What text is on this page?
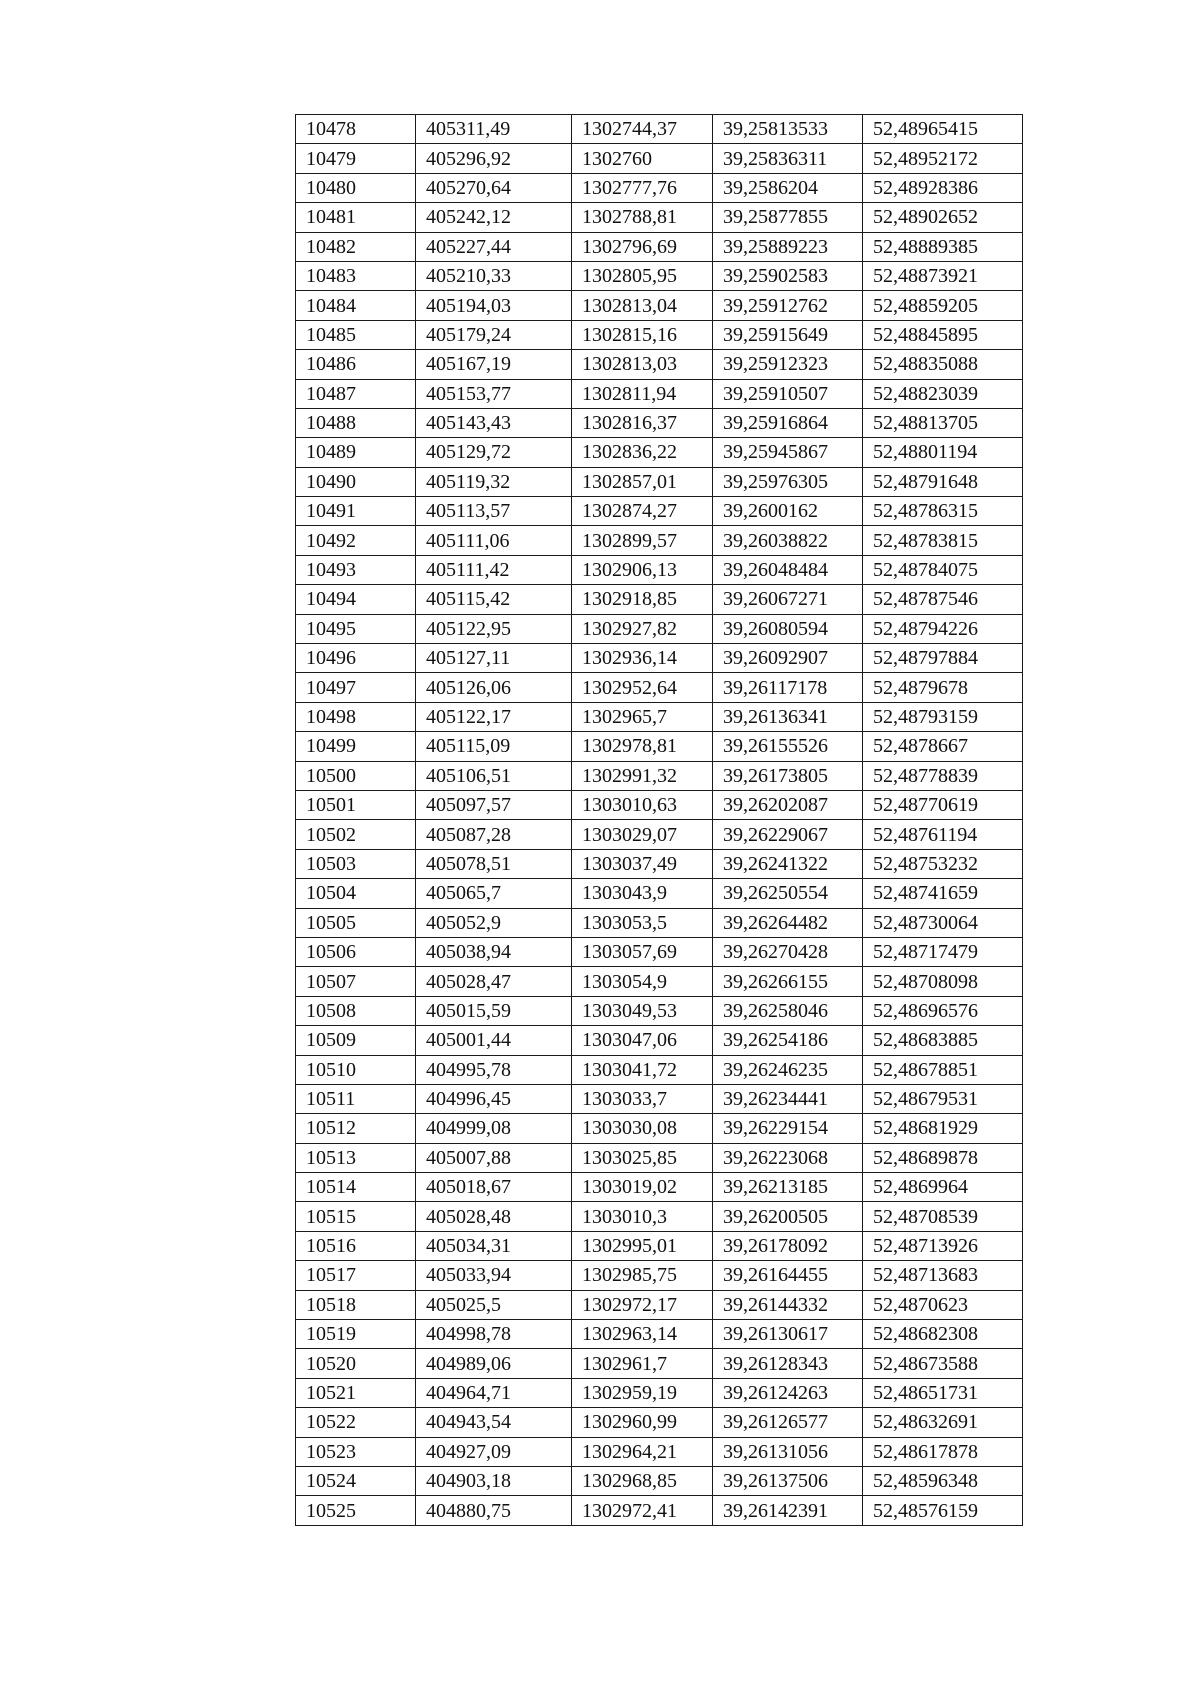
10478	405311,49	1302744,37	39,25813533	52,48965415
10479	405296,92	1302760	39,25836311	52,48952172
10480	405270,64	1302777,76	39,2586204	52,48928386
10481	405242,12	1302788,81	39,25877855	52,48902652
10482	405227,44	1302796,69	39,25889223	52,48889385
10483	405210,33	1302805,95	39,25902583	52,48873921
10484	405194,03	1302813,04	39,25912762	52,48859205
10485	405179,24	1302815,16	39,25915649	52,48845895
10486	405167,19	1302813,03	39,25912323	52,48835088
10487	405153,77	1302811,94	39,25910507	52,48823039
10488	405143,43	1302816,37	39,25916864	52,48813705
10489	405129,72	1302836,22	39,25945867	52,48801194
10490	405119,32	1302857,01	39,25976305	52,48791648
10491	405113,57	1302874,27	39,2600162	52,48786315
10492	405111,06	1302899,57	39,26038822	52,48783815
10493	405111,42	1302906,13	39,26048484	52,48784075
10494	405115,42	1302918,85	39,26067271	52,48787546
10495	405122,95	1302927,82	39,26080594	52,48794226
10496	405127,11	1302936,14	39,26092907	52,48797884
10497	405126,06	1302952,64	39,26117178	52,4879678
10498	405122,17	1302965,7	39,26136341	52,48793159
10499	405115,09	1302978,81	39,26155526	52,4878667
10500	405106,51	1302991,32	39,26173805	52,48778839
10501	405097,57	1303010,63	39,26202087	52,48770619
10502	405087,28	1303029,07	39,26229067	52,48761194
10503	405078,51	1303037,49	39,26241322	52,48753232
10504	405065,7	1303043,9	39,26250554	52,48741659
10505	405052,9	1303053,5	39,26264482	52,48730064
10506	405038,94	1303057,69	39,26270428	52,48717479
10507	405028,47	1303054,9	39,26266155	52,48708098
10508	405015,59	1303049,53	39,26258046	52,48696576
10509	405001,44	1303047,06	39,26254186	52,48683885
10510	404995,78	1303041,72	39,26246235	52,48678851
10511	404996,45	1303033,7	39,26234441	52,48679531
10512	404999,08	1303030,08	39,26229154	52,48681929
10513	405007,88	1303025,85	39,26223068	52,48689878
10514	405018,67	1303019,02	39,26213185	52,4869964
10515	405028,48	1303010,3	39,26200505	52,48708539
10516	405034,31	1302995,01	39,26178092	52,48713926
10517	405033,94	1302985,75	39,26164455	52,48713683
10518	405025,5	1302972,17	39,26144332	52,4870623
10519	404998,78	1302963,14	39,26130617	52,48682308
10520	404989,06	1302961,7	39,26128343	52,48673588
10521	404964,71	1302959,19	39,26124263	52,48651731
10522	404943,54	1302960,99	39,26126577	52,48632691
10523	404927,09	1302964,21	39,26131056	52,48617878
10524	404903,18	1302968,85	39,26137506	52,48596348
10525	404880,75	1302972,41	39,26142391	52,48576159
